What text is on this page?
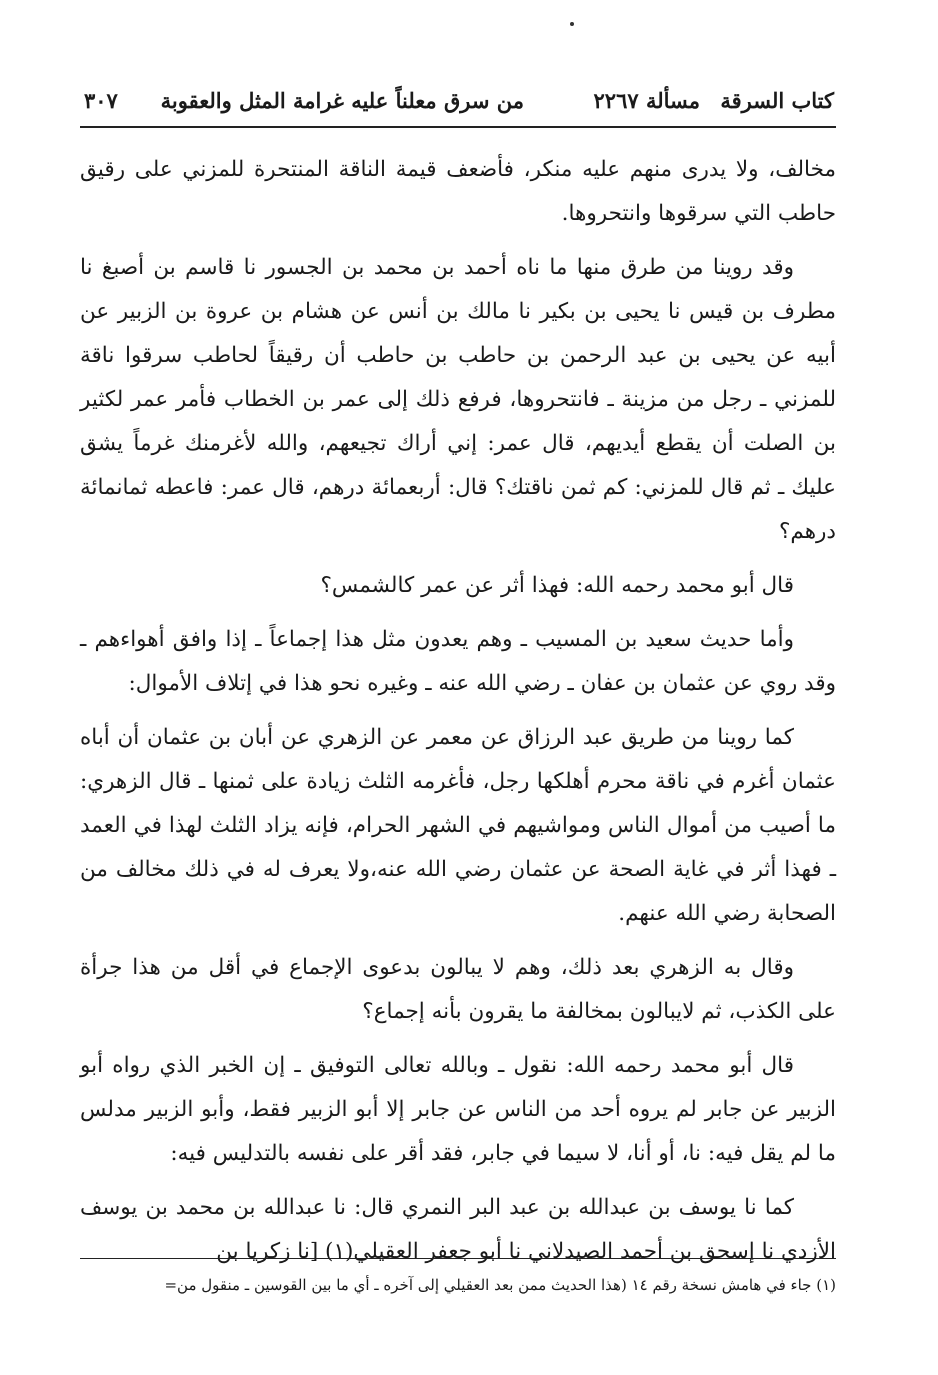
كتاب السرقة
مسألة ٢٢٦٧
من سرق معلناً عليه غرامة المثل والعقوبة
٣٠٧

مخالف، ولا يدرى منهم عليه منكر، فأضعف قيمة الناقة المنتحرة للمزني على رقيق حاطب التي سرقوها وانتحروها.

وقد روينا من طرق منها ما ناه أحمد بن محمد بن الجسور نا قاسم بن أصبغ نا مطرف بن قيس نا يحيى بن بكير نا مالك بن أنس عن هشام بن عروة بن الزبير عن أبيه عن يحيى بن عبد الرحمن بن حاطب بن حاطب أن رقيقاً لحاطب سرقوا ناقة للمزني ـ رجل من مزينة ـ فانتحروها، فرفع ذلك إلى عمر بن الخطاب فأمر عمر لكثير بن الصلت أن يقطع أيديهم، قال عمر: إني أراك تجيعهم، والله لأغرمنك غرماً يشق عليك ـ ثم قال للمزني: كم ثمن ناقتك؟ قال: أربعمائة درهم، قال عمر: فاعطه ثمانمائة درهم؟

قال أبو محمد رحمه الله: فهذا أثر عن عمر كالشمس؟

وأما حديث سعيد بن المسيب ـ وهم يعدون مثل هذا إجماعاً ـ إذا وافق أهواءهم ـ وقد روي عن عثمان بن عفان ـ رضي الله عنه ـ وغيره نحو هذا في إتلاف الأموال:

كما روينا من طريق عبد الرزاق عن معمر عن الزهري عن أبان بن عثمان أن أباه عثمان أغرم في ناقة محرم أهلكها رجل، فأغرمه الثلث زيادة على ثمنها ـ قال الزهري: ما أصيب من أموال الناس ومواشيهم في الشهر الحرام، فإنه يزاد الثلث لهذا في العمد ـ فهذا أثر في غاية الصحة عن عثمان رضي الله عنه،ولا يعرف له في ذلك مخالف من الصحابة رضي الله عنهم.

وقال به الزهري بعد ذلك، وهم لا يبالون بدعوى الإجماع في أقل من هذا جرأة على الكذب، ثم لايبالون بمخالفة ما يقرون بأنه إجماع؟

قال أبو محمد رحمه الله: نقول ـ وبالله تعالى التوفيق ـ إن الخبر الذي رواه أبو الزبير عن جابر لم يروه أحد من الناس عن جابر إلا أبو الزبير فقط، وأبو الزبير مدلس ما لم يقل فيه: نا، أو أنا، لا سيما في جابر، فقد أقر على نفسه بالتدليس فيه:

كما نا يوسف بن عبدالله بن عبد البر النمري قال: نا عبدالله بن محمد بن يوسف الأزدي نا إسحق بن أحمد الصيدلاني نا أبو جعفر العقيلي(١) [نا زكريا بن

(١) جاء في هامش نسخة رقم ١٤ (هذا الحديث ممن بعد العقيلي إلى آخره ـ أي ما بين القوسين ـ منقول من=
